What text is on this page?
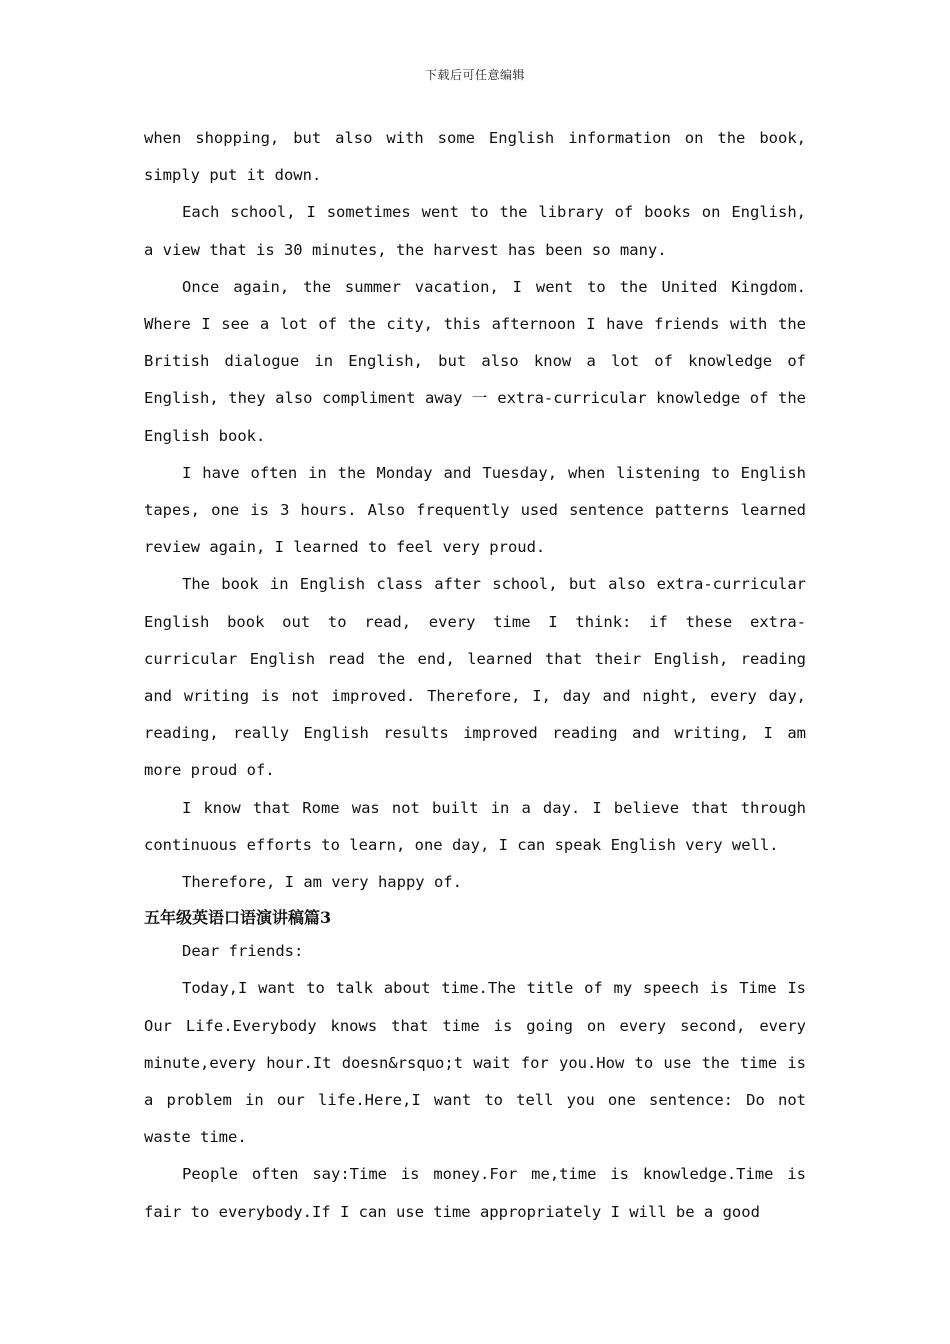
下载后可任意编辑

when shopping, but also with some English information on the book, simply put it down.

Each school, I sometimes went to the library of books on English, a view that is 30 minutes, the harvest has been so many.

Once again, the summer vacation, I went to the United Kingdom. Where I see a lot of the city, this afternoon I have friends with the British dialogue in English, but also know a lot of knowledge of English, they also compliment away 一 extra-curricular knowledge of the English book.

I have often in the Monday and Tuesday, when listening to English tapes, one is 3 hours. Also frequently used sentence patterns learned review again, I learned to feel very proud.

The book in English class after school, but also extra-curricular English book out to read, every time I think: if these extra-curricular English read the end, learned that their English, reading and writing is not improved. Therefore, I, day and night, every day, reading, really English results improved reading and writing, I am more proud of.

I know that Rome was not built in a day. I believe that through continuous efforts to learn, one day, I can speak English very well.

Therefore, I am very happy of.

五年级英语口语演讲稿篇3

Dear friends:

Today,I want to talk about time.The title of my speech is Time Is Our Life.Everybody knows that time is going on every second, every minute,every hour.It doesn&rsquo;t wait for you.How to use the time is a problem in our life.Here,I want to tell you one sentence: Do not waste time.

People often say:Time is money.For me,time is knowledge.Time is fair to everybody.If I can use time appropriately I will be a good
